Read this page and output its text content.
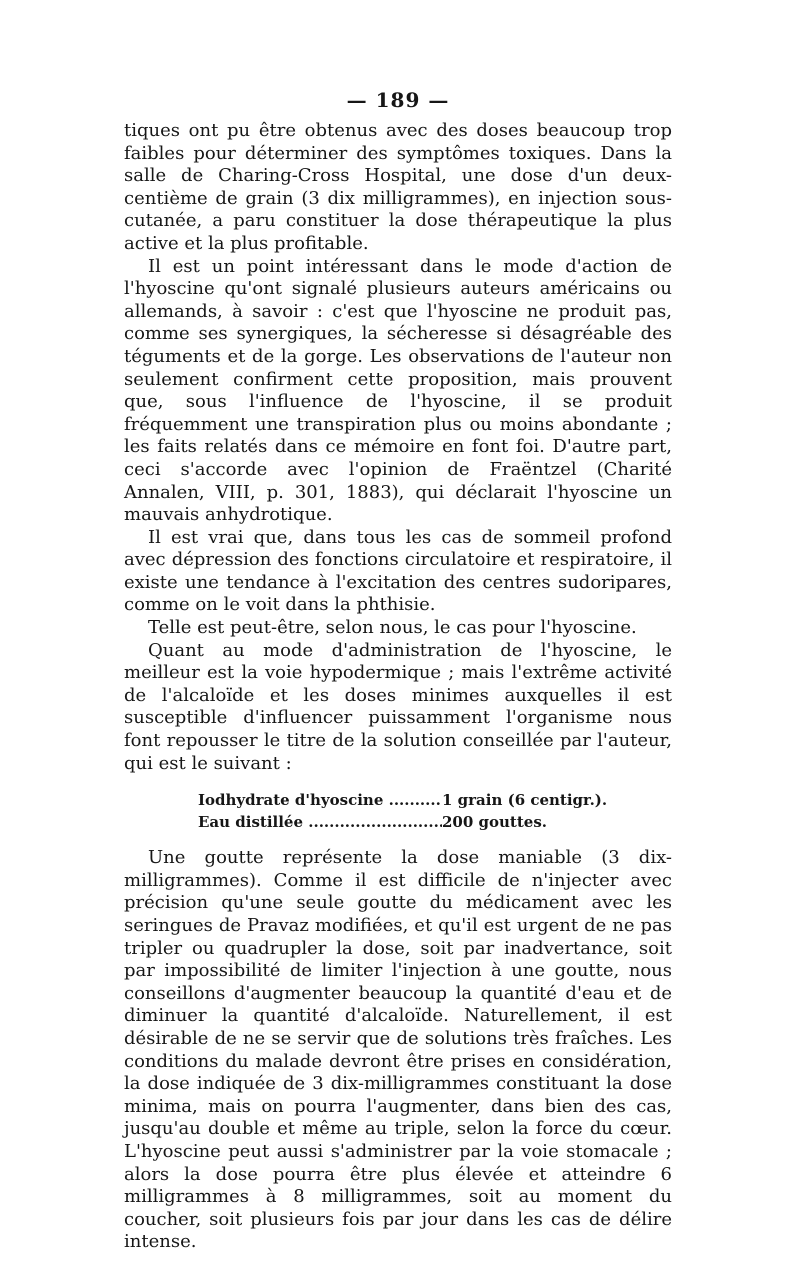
— 189 —

tiques ont pu être obtenus avec des doses beaucoup trop faibles pour déterminer des symptômes toxiques. Dans la salle de Charing-Cross Hospital, une dose d'un deux-centième de grain (3 dix milligrammes), en injection sous-cutanée, a paru constituer la dose thérapeutique la plus active et la plus profitable.

Il est un point intéressant dans le mode d'action de l'hyoscine qu'ont signalé plusieurs auteurs américains ou allemands, à savoir : c'est que l'hyoscine ne produit pas, comme ses synergiques, la sécheresse si désagréable des téguments et de la gorge. Les observations de l'auteur non seulement confirment cette proposition, mais prouvent que, sous l'influence de l'hyoscine, il se produit fréquemment une transpiration plus ou moins abondante ; les faits relatés dans ce mémoire en font foi. D'autre part, ceci s'accorde avec l'opinion de Fraëntzel (Charité Annalen, VIII, p. 301, 1883), qui déclarait l'hyoscine un mauvais anhydrotique.

Il est vrai que, dans tous les cas de sommeil profond avec dépression des fonctions circulatoire et respiratoire, il existe une tendance à l'excitation des centres sudoripares, comme on le voit dans la phthisie.

Telle est peut-être, selon nous, le cas pour l'hyoscine.

Quant au mode d'administration de l'hyoscine, le meilleur est la voie hypodermique ; mais l'extrême activité de l'alcaloïde et les doses minimes auxquelles il est susceptible d'influencer puissamment l'organisme nous font repousser le titre de la solution conseillée par l'auteur, qui est le suivant :

Iodhydrate d'hyoscine .....	1 grain (6 centigr.).
Eau distillée .....	200 gouttes.

Une goutte représente la dose maniable (3 dix-milligrammes). Comme il est difficile de n'injecter avec précision qu'une seule goutte du médicament avec les seringues de Pravaz modifiées, et qu'il est urgent de ne pas tripler ou quadrupler la dose, soit par inadvertance, soit par impossibilité de limiter l'injection à une goutte, nous conseillons d'augmenter beaucoup la quantité d'eau et de diminuer la quantité d'alcaloïde. Naturellement, il est désirable de ne se servir que de solutions très fraîches. Les conditions du malade devront être prises en considération, la dose indiquée de 3 dix-milligrammes constituant la dose minima, mais on pourra l'augmenter, dans bien des cas, jusqu'au double et même au triple, selon la force du cœur. L'hyoscine peut aussi s'administrer par la voie stomacale ; alors la dose pourra être plus élevée et atteindre 6 milligrammes à 8 milligrammes, soit au moment du coucher, soit plusieurs fois par jour dans les cas de délire intense.
